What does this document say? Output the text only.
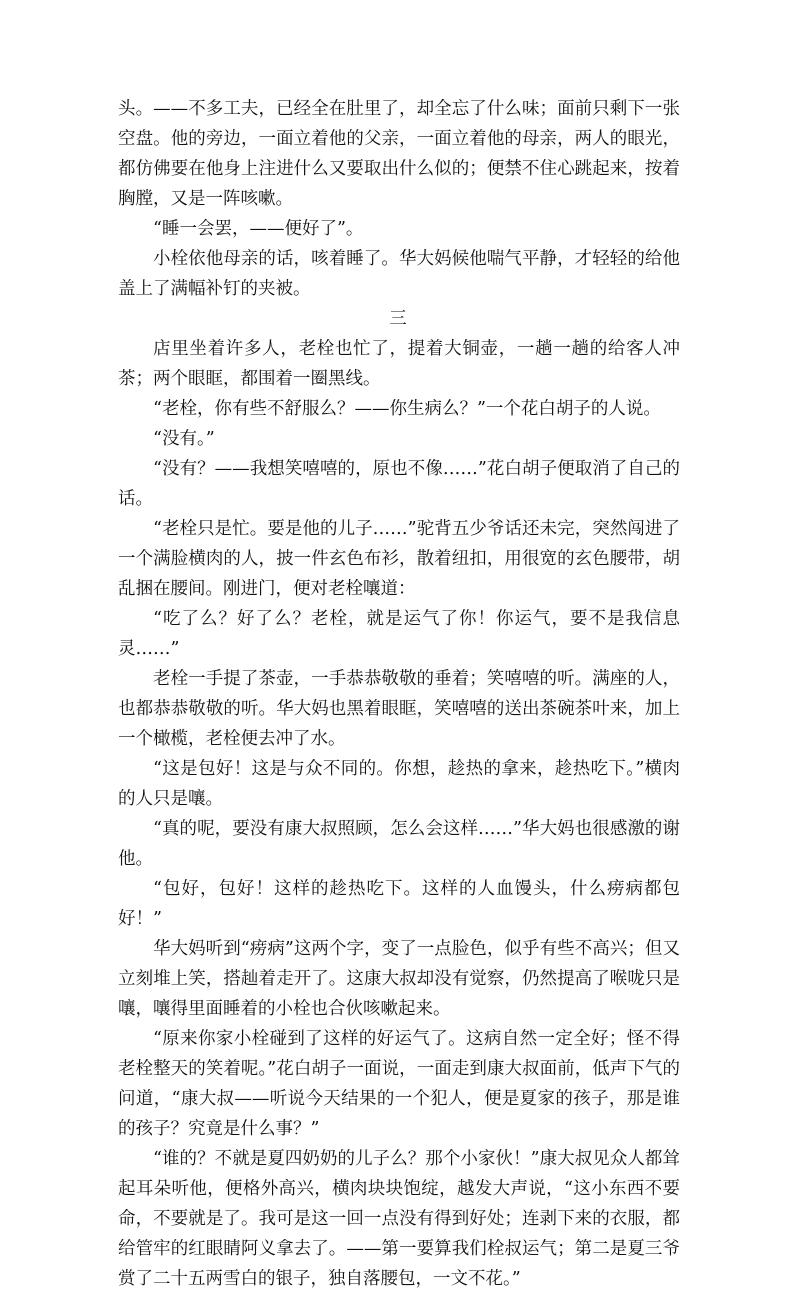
头。——不多工夫，已经全在肚里了，却全忘了什么味；面前只剩下一张空盘。他的旁边，一面立着他的父亲，一面立着他的母亲，两人的眼光，都仿佛要在他身上注进什么又要取出什么似的；便禁不住心跳起来，按着胸膛，又是一阵咳嗽。

“睡一会罢，——便好了”。

小栓依他母亲的话，咳着睡了。华大妈候他喘气平静，才轻轻的给他盖上了满幅补钉的夹被。

三

店里坐着许多人，老栓也忙了，提着大铜壶，一趟一趟的给客人冲茶；两个眼眶，都围着一圈黑线。

“老栓，你有些不舒服么？——你生病么？”一个花白胡子的人说。

“没有。”

“没有？——我想笑嘻嘻的，原也不像……”花白胡子便取消了自己的话。

“老栓只是忙。要是他的儿子……”驼背五少爷话还未完，突然闯进了一个满脸横肉的人，披一件玄色布衫，散着纽扣，用很宽的玄色腰带，胡乱捆在腰间。刚进门，便对老栓嚷道：

“吃了么？好了么？老栓，就是运气了你！你运气，要不是我信息灵……”

老栓一手提了茶壶，一手恭恭敬敬的垂着；笑嘻嘻的听。满座的人，也都恭恭敬敬的听。华大妈也黑着眼眶，笑嘻嘻的送出茶碗茶叶来，加上一个橄榄，老栓便去冲了水。

“这是包好！这是与众不同的。你想，趁热的拿来，趁热吃下。”横肉的人只是嚷。

“真的呢，要没有康大叔照顾，怎么会这样……”华大妈也很感激的谢他。

“包好，包好！这样的趁热吃下。这样的人血馒头，什么痨病都包好！”

华大妈听到“痨病”这两个字，变了一点脸色，似乎有些不高兴；但又立刻堆上笑，搭赸着走开了。这康大叔却没有觉察，仍然提高了喉咙只是嚷，嚷得里面睡着的小栓也合伙咳嗽起来。

“原来你家小栓碰到了这样的好运气了。这病自然一定全好；怪不得老栓整天的笑着呢。”花白胡子一面说，一面走到康大叔面前，低声下气的问道，“康大叔——听说今天结果的一个犯人，便是夏家的孩子，那是谁的孩子？究竟是什么事？”

“谁的？不就是夏四奶奶的儿子么？那个小家伙！”康大叔见众人都耸起耳朵听他，便格外高兴，横肉块块饱绽，越发大声说，“这小东西不要命，不要就是了。我可是这一回一点没有得到好处；连剥下来的衣服，都给管牢的红眼睛阿义拿去了。——第一要算我们栓叔运气；第二是夏三爷赏了二十五两雪白的银子，独自落腰包，一文不花。”
